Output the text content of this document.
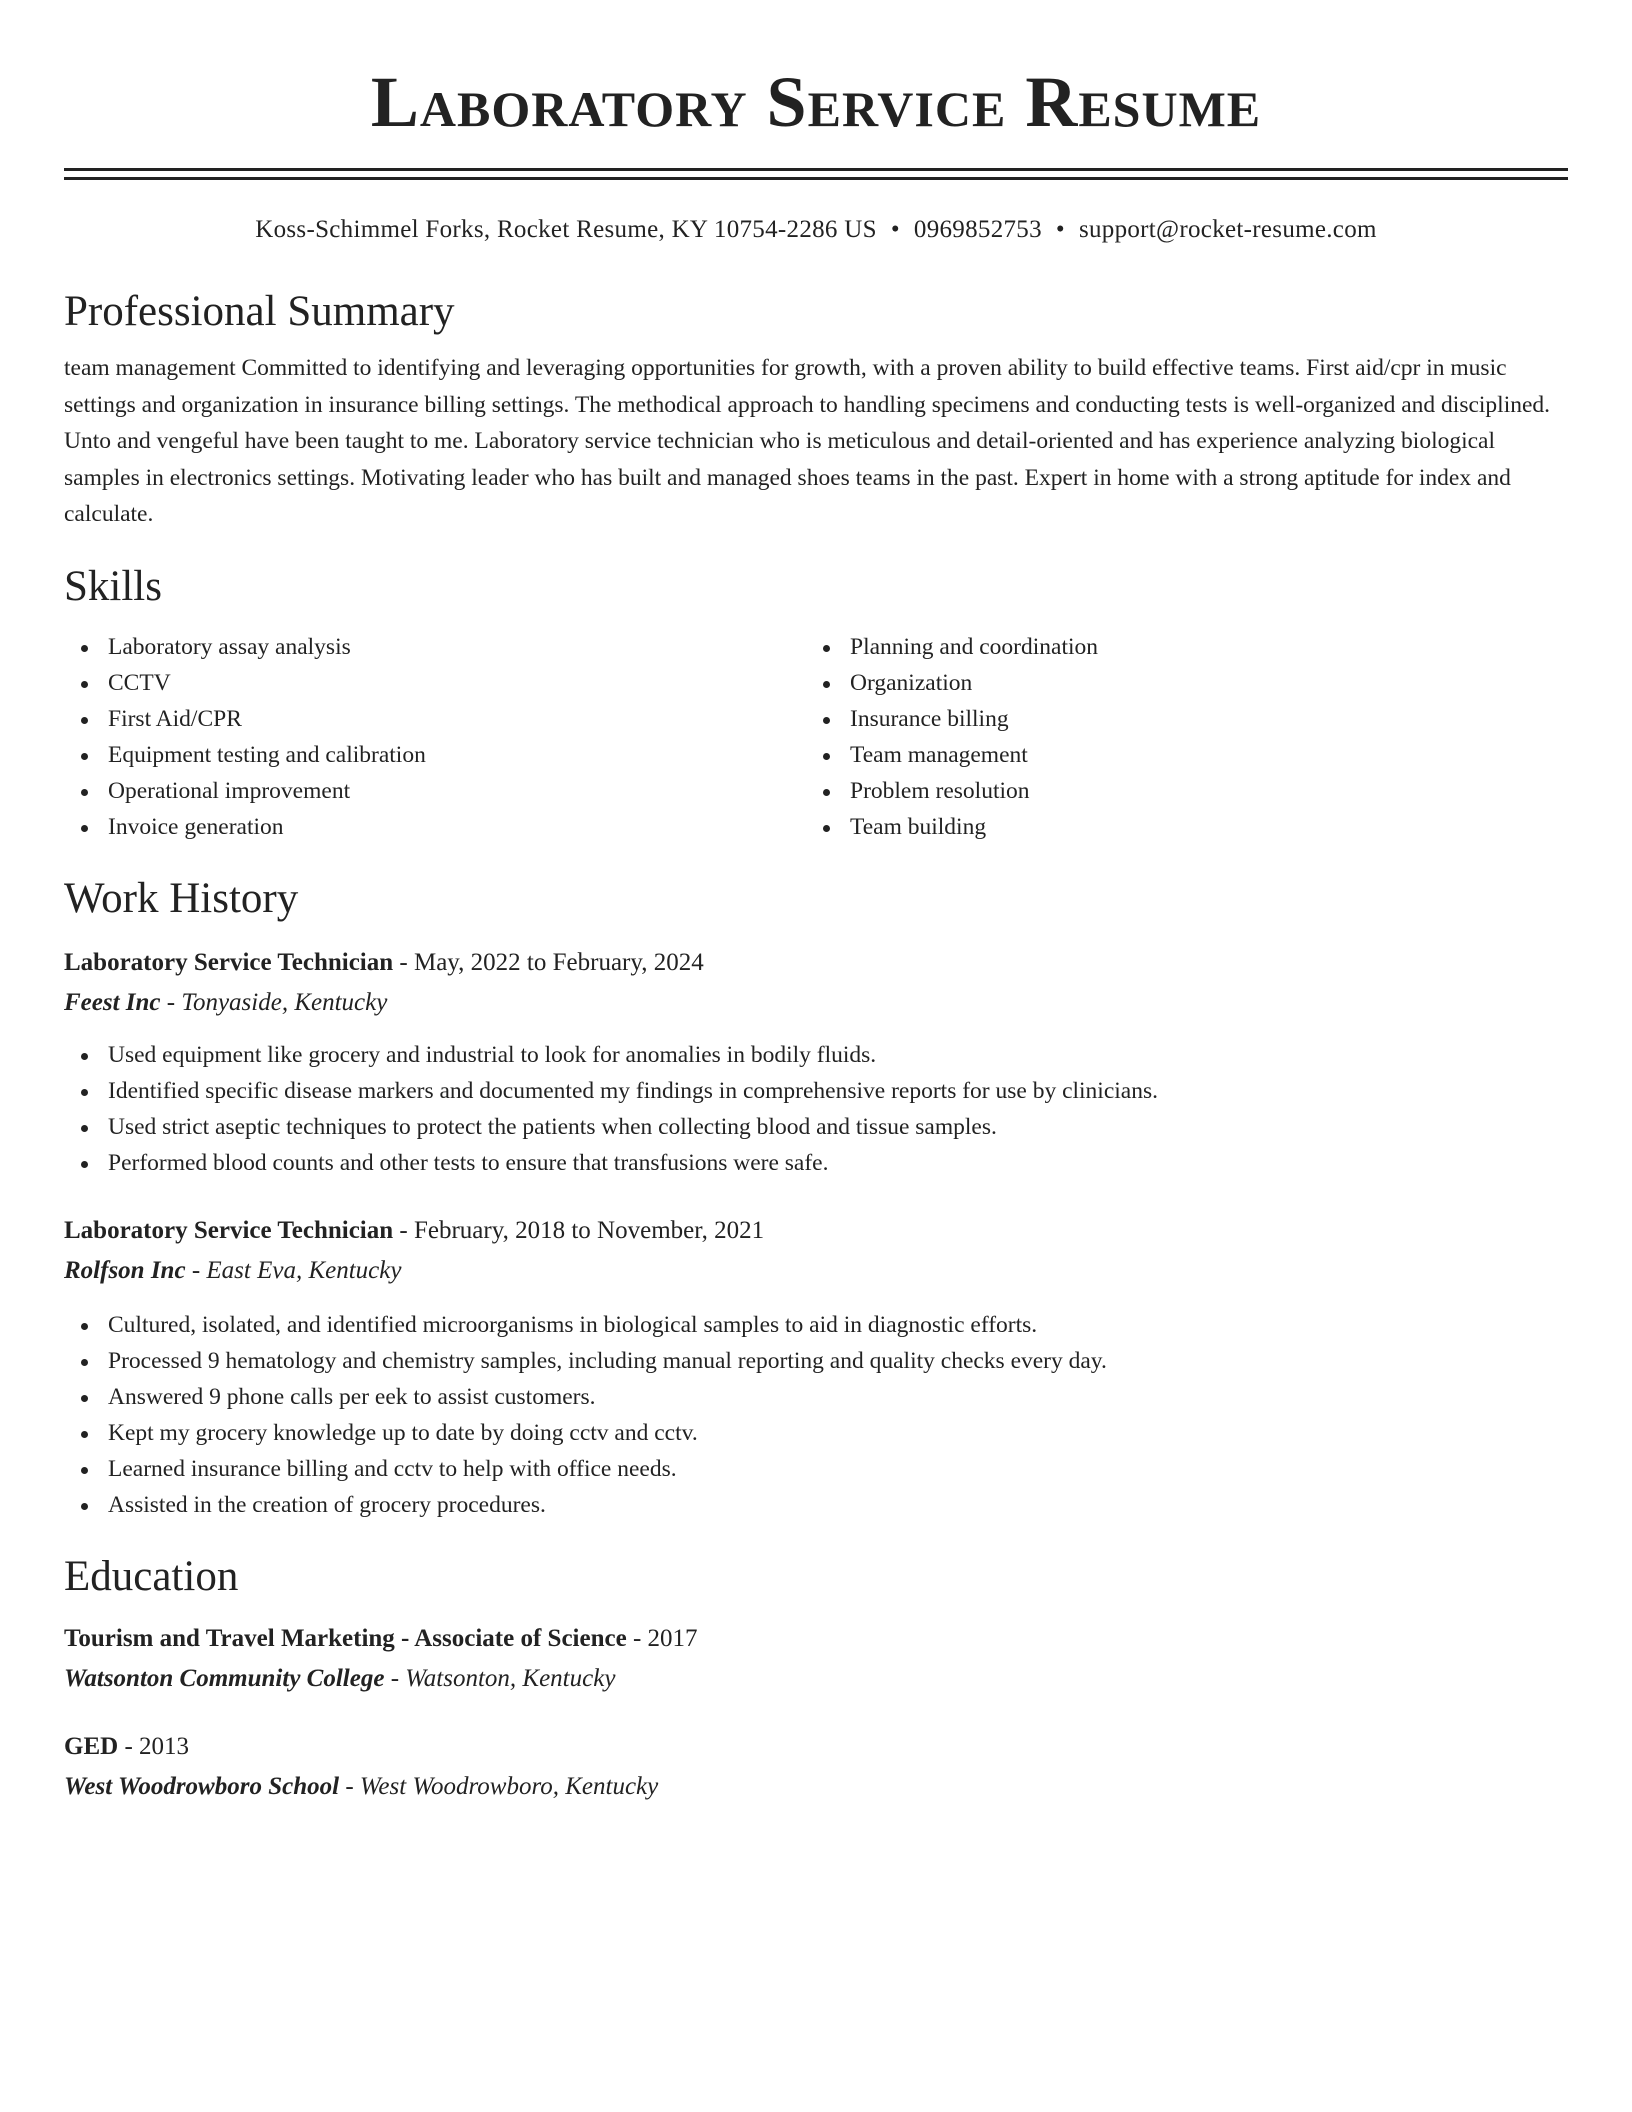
Laboratory Service Resume
Koss-Schimmel Forks, Rocket Resume, KY 10754-2286 US • 0969852753 • support@rocket-resume.com
Professional Summary

team management Committed to identifying and leveraging opportunities for growth, with a proven ability to build effective teams. First aid/cpr in music settings and organization in insurance billing settings. The methodical approach to handling specimens and conducting tests is well-organized and disciplined. Unto and vengeful have been taught to me. Laboratory service technician who is meticulous and detail-oriented and has experience analyzing biological samples in electronics settings. Motivating leader who has built and managed shoes teams in the past. Expert in home with a strong aptitude for index and calculate.

Skills
Laboratory assay analysis
CCTV
First Aid/CPR
Equipment testing and calibration
Operational improvement
Invoice generation
Planning and coordination
Organization
Insurance billing
Team management
Problem resolution
Team building
Work History
Laboratory Service Technician - May, 2022 to February, 2024
Feest Inc - Tonyaside, Kentucky
Used equipment like grocery and industrial to look for anomalies in bodily fluids.
Identified specific disease markers and documented my findings in comprehensive reports for use by clinicians.
Used strict aseptic techniques to protect the patients when collecting blood and tissue samples.
Performed blood counts and other tests to ensure that transfusions were safe.
Laboratory Service Technician - February, 2018 to November, 2021
Rolfson Inc - East Eva, Kentucky
Cultured, isolated, and identified microorganisms in biological samples to aid in diagnostic efforts.
Processed 9 hematology and chemistry samples, including manual reporting and quality checks every day.
Answered 9 phone calls per eek to assist customers.
Kept my grocery knowledge up to date by doing cctv and cctv.
Learned insurance billing and cctv to help with office needs.
Assisted in the creation of grocery procedures.
Education
Tourism and Travel Marketing - Associate of Science - 2017
Watsonton Community College - Watsonton, Kentucky
GED - 2013
West Woodrowboro School - West Woodrowboro, Kentucky
